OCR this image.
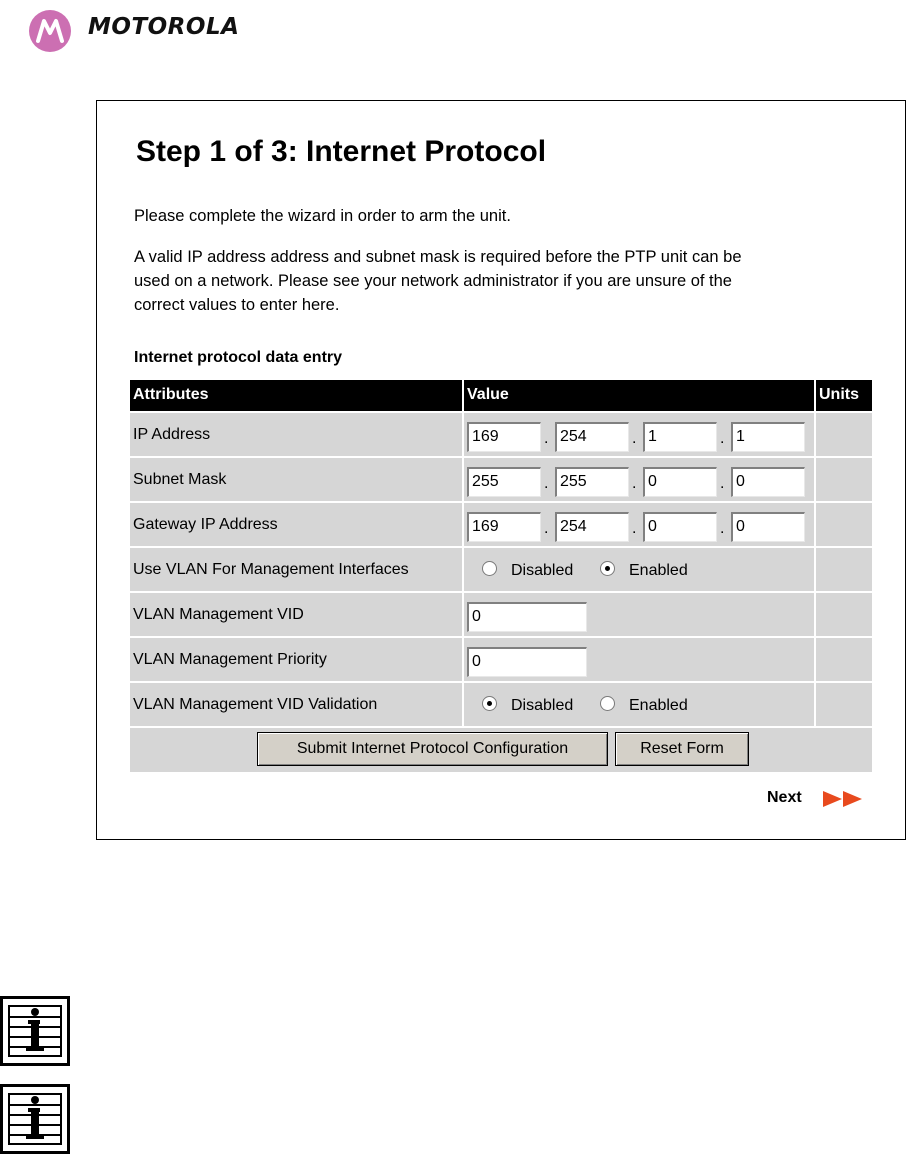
MOTOROLA
Step 1 of 3: Internet Protocol

Please complete the wizard in order to arm the unit.

A valid IP address address and subnet mask is required before the PTP unit can be

used on a network. Please see your network administrator if you are unsure of the

correct values to enter here.

Internet protocol data entry
Attributes	Value	Units
IP Address	169	. 254	. 1	. 1
Subnet Mask	255	. 255	. 0	. 0
Gateway IP Address	169	. 254	. 0	. 0
Use VLAN For Management Interfaces	Disabled	Enabled
VLAN Management VID	0
VLAN Management Priority	0
VLAN Management VID Validation	Disabled	Enabled
Submit Internet Protocol Configuration	Reset Form
Next
